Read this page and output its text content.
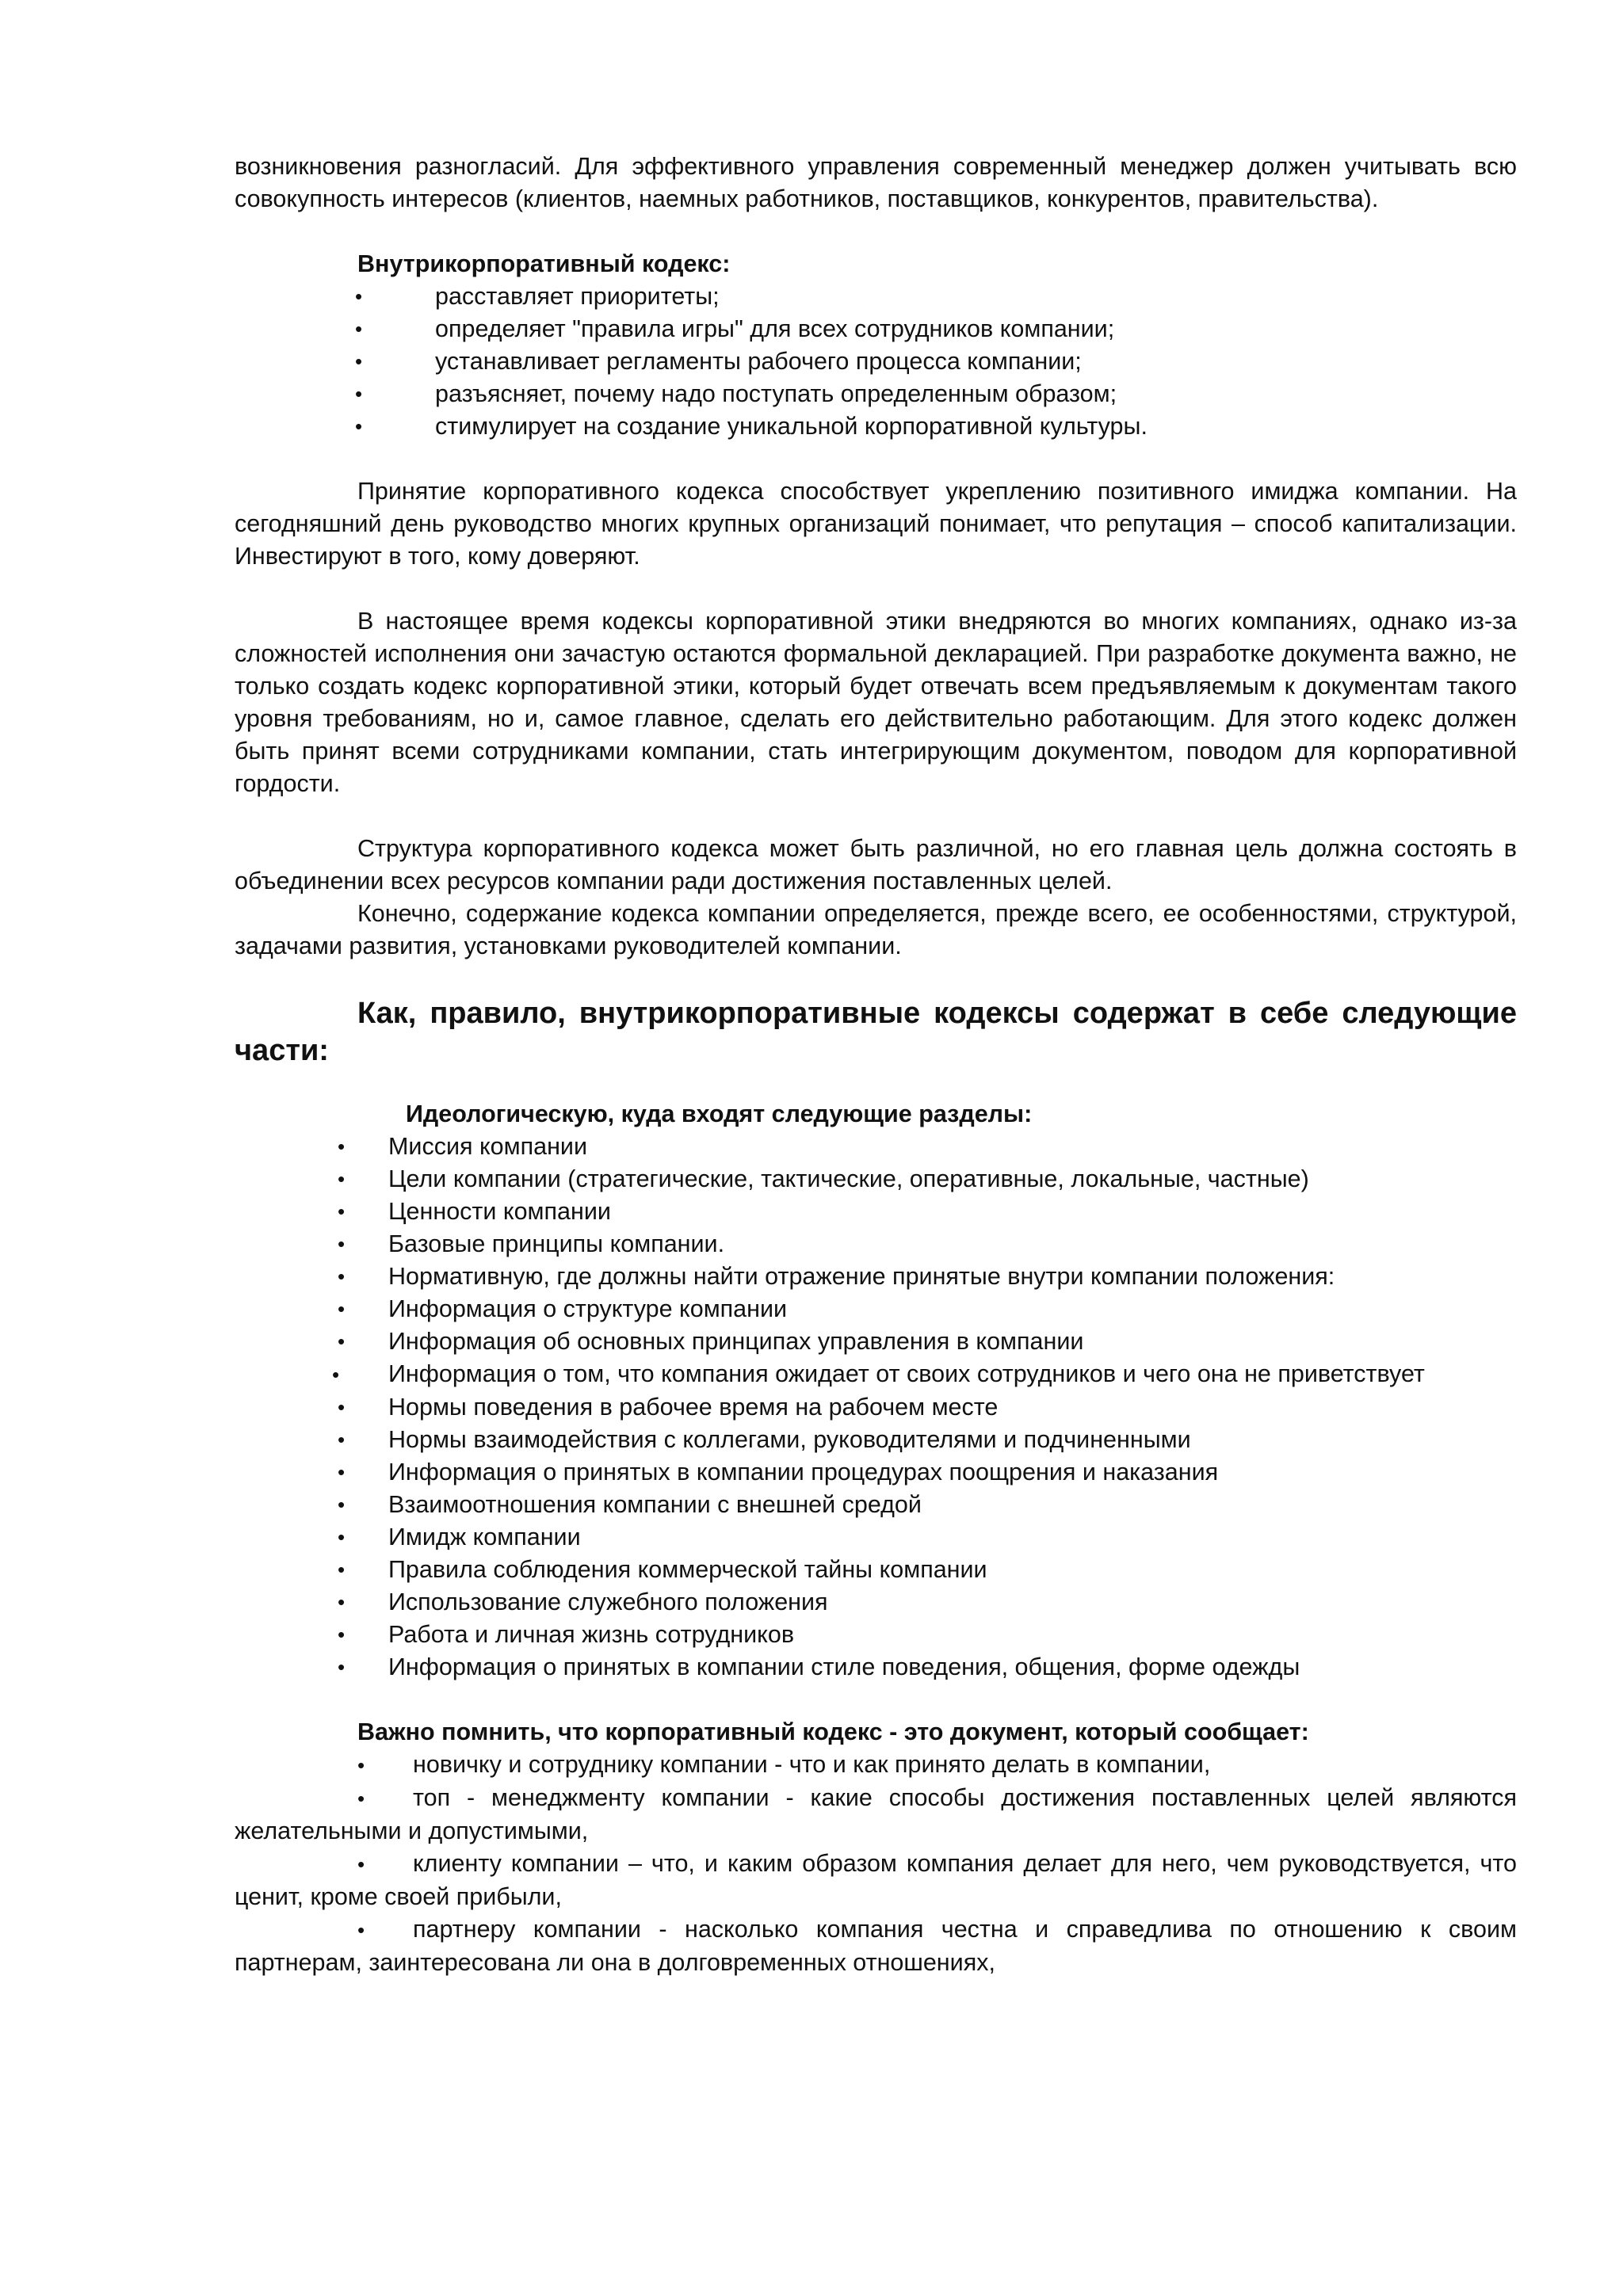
возникновения разногласий. Для эффективного управления современный менеджер должен учитывать всю совокупность интересов (клиентов, наемных работников, поставщиков, конкурентов, правительства).

Внутрикорпоративный кодекс:
•	расставляет приоритеты;
•	определяет "правила игры" для всех сотрудников компании;
•	устанавливает регламенты рабочего процесса компании;
•	разъясняет, почему надо поступать определенным образом;
•	стимулирует на создание уникальной корпоративной культуры.

Принятие корпоративного кодекса способствует укреплению позитивного имиджа компании. На сегодняшний день руководство многих крупных организаций понимает, что репутация – способ капитализации. Инвестируют в того, кому доверяют.

В настоящее время кодексы корпоративной этики внедряются во многих компаниях, однако из-за сложностей исполнения они зачастую остаются формальной декларацией. При разработке документа важно, не только создать кодекс корпоративной этики, который будет отвечать всем предъявляемым к документам такого уровня требованиям, но и, самое главное, сделать его действительно работающим. Для этого кодекс должен быть принят всеми сотрудниками компании, стать интегрирующим документом, поводом для корпоративной гордости.

Структура корпоративного кодекса может быть различной, но его главная цель должна состоять в объединении всех ресурсов компании ради достижения поставленных целей.

Конечно, содержание кодекса компании определяется, прежде всего, ее особенностями, структурой, задачами развития, установками руководителей компании.

Как, правило, внутрикорпоративные кодексы содержат в себе следующие части:
Идеологическую, куда входят следующие разделы:
• Миссия компании
• Цели компании (стратегические, тактические, оперативные, локальные, частные)
• Ценности компании
• Базовые принципы компании.
• Нормативную, где должны найти отражение принятые внутри компании положения:
• Информация о структуре компании
• Информация об основных принципах управления в компании
• Информация о том, что компания ожидает от своих сотрудников и чего она не приветствует
• Нормы поведения в рабочее время на рабочем месте
• Нормы взаимодействия с коллегами, руководителями и подчиненными
• Информация о принятых в компании процедурах поощрения и наказания
• Взаимоотношения компании с внешней средой
• Имидж компании
• Правила соблюдения коммерческой тайны компании
• Использование служебного положения
• Работа и личная жизнь сотрудников
• Информация о принятых в компании стиле поведения, общения, форме одежды
Важно помнить, что корпоративный кодекс - это документ, который сообщает:
• новичку и сотруднику компании - что и как принято делать в компании,
• топ - менеджменту компании - какие способы достижения поставленных целей являются желательными и допустимыми,
• клиенту компании – что, и каким образом компания делает для него, чем руководствуется, что ценит, кроме своей прибыли,
• партнеру компании - насколько компания честна и справедлива по отношению к своим партнерам, заинтересована ли она в долговременных отношениях,
